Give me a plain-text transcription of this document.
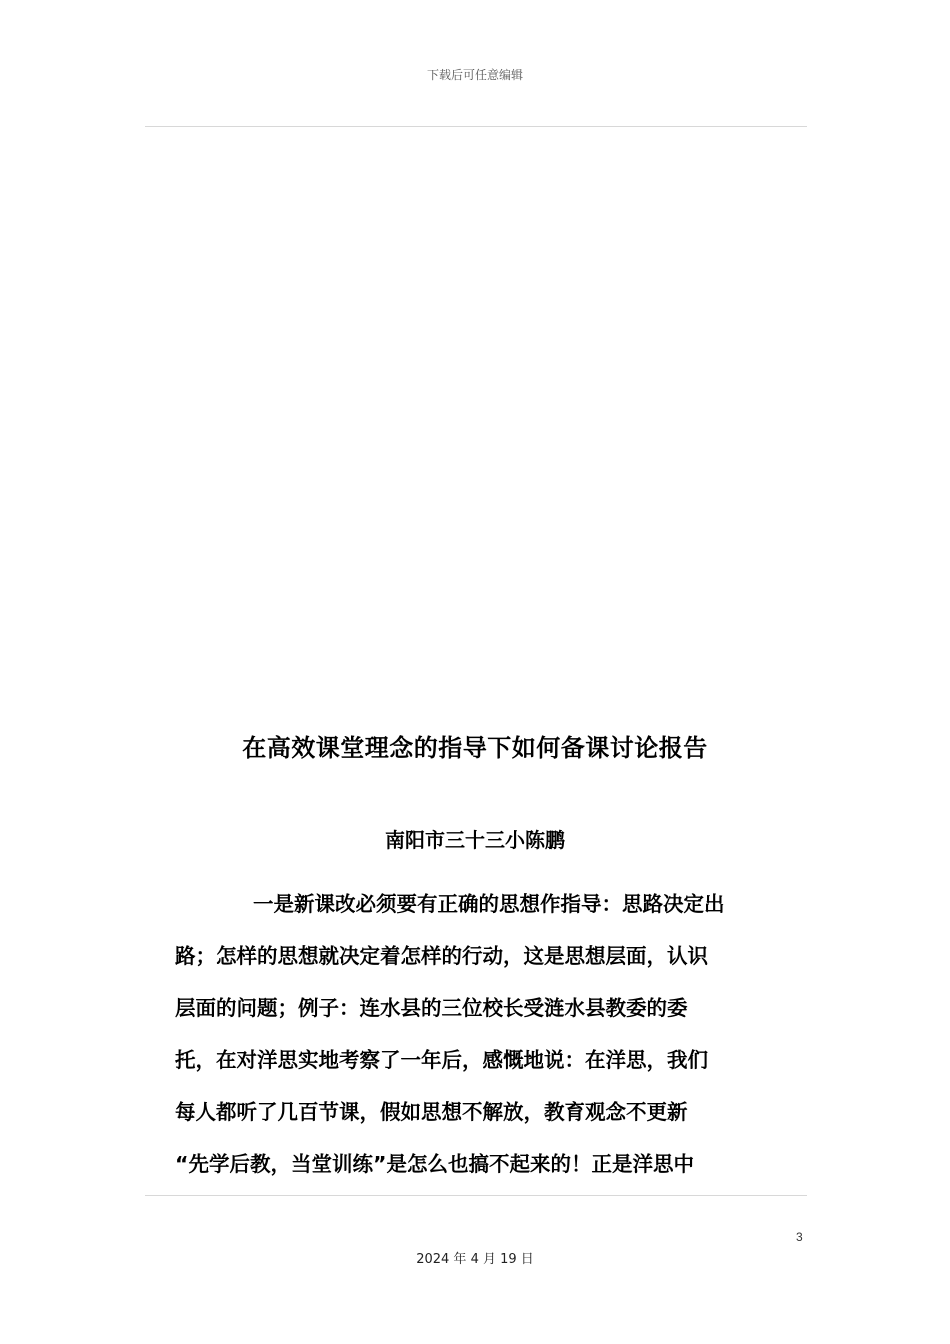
下载后可任意编辑
在高效课堂理念的指导下如何备课讨论报告
南阳市三十三小陈鹏
一是新课改必须要有正确的思想作指导：思路决定出
路；怎样的思想就决定着怎样的行动，这是思想层面，认识
层面的问题；例子：连水县的三位校长受涟水县教委的委
托，在对洋思实地考察了一年后，感慨地说：在洋思，我们
每人都听了几百节课，假如思想不解放，教育观念不更新
“先学后教，当堂训练”是怎么也搞不起来的！正是洋思中
3
2024 年 4 月 19 日
